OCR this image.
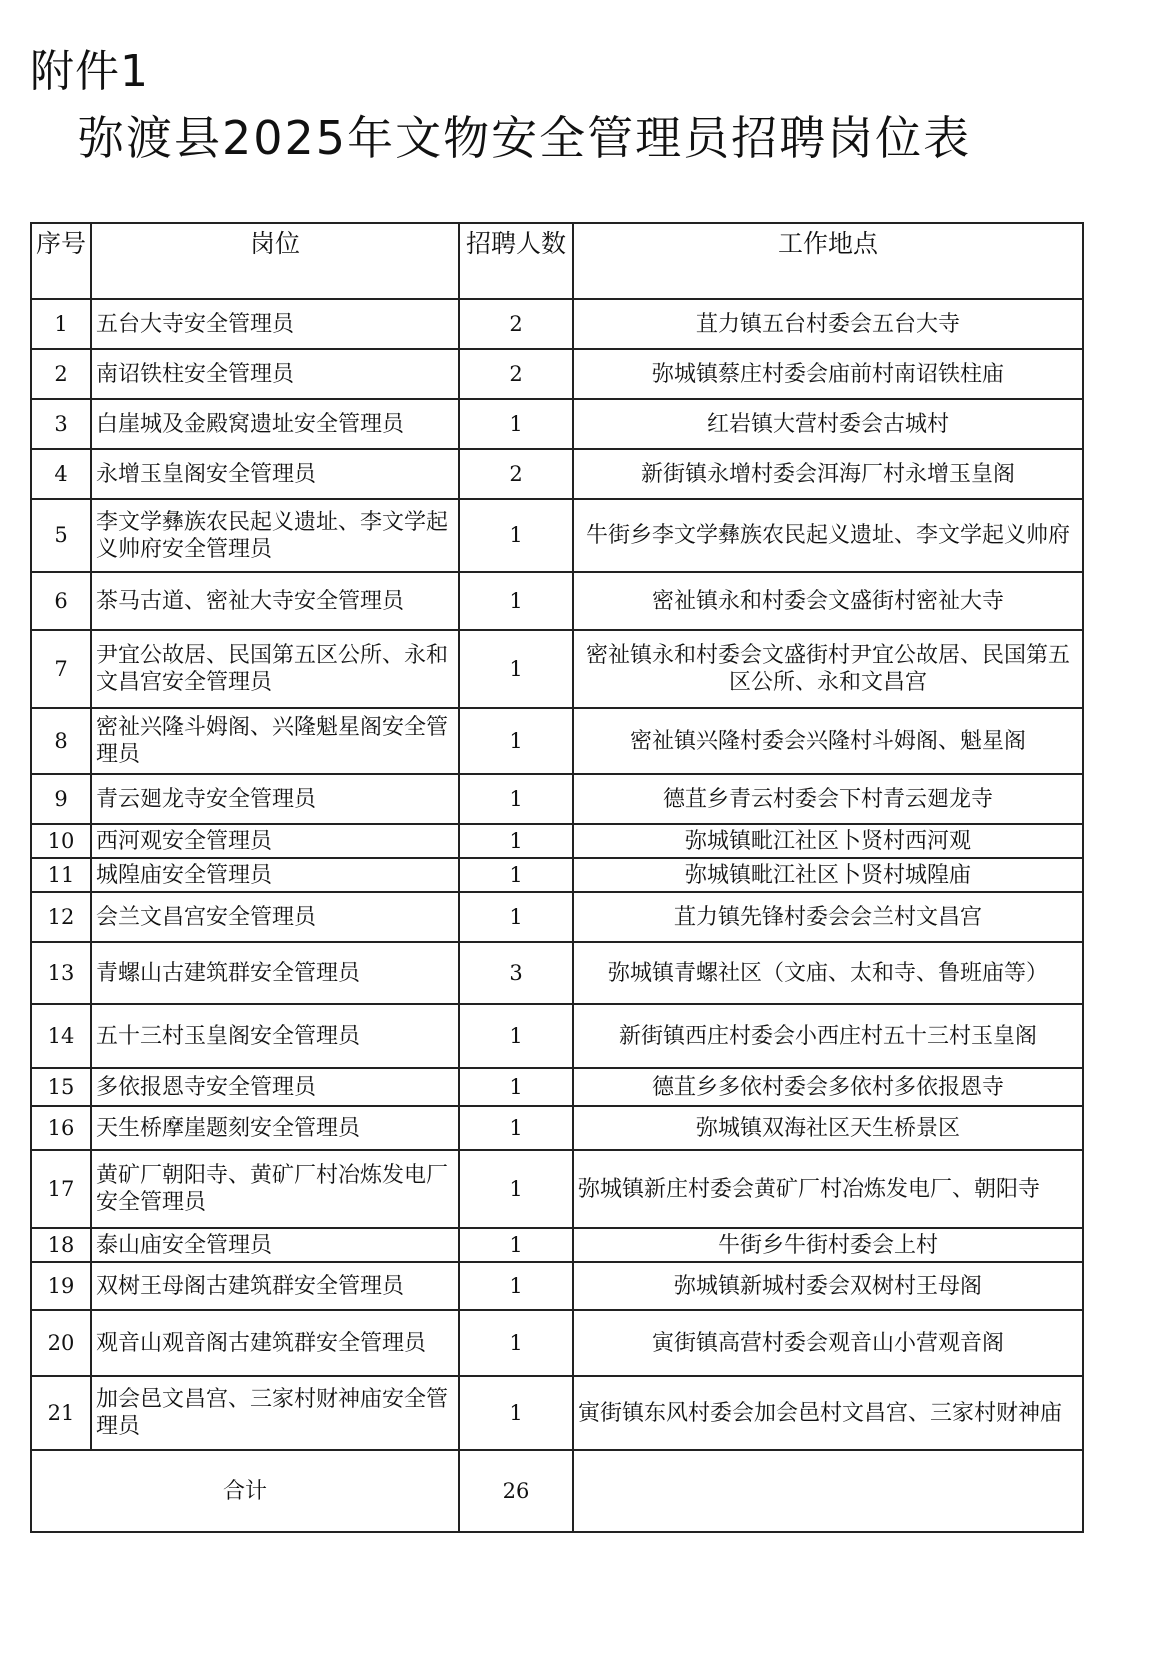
附件1
弥渡县2025年文物安全管理员招聘岗位表
序号	岗位	招聘人数	工作地点
1	五台大寺安全管理员	2	苴力镇五台村委会五台大寺
2	南诏铁柱安全管理员	2	弥城镇蔡庄村委会庙前村南诏铁柱庙
3	白崖城及金殿窝遗址安全管理员	1	红岩镇大营村委会古城村
4	永增玉皇阁安全管理员	2	新街镇永增村委会洱海厂村永增玉皇阁
5	李文学彝族农民起义遗址、李文学起义帅府安全管理员	1	牛街乡李文学彝族农民起义遗址、李文学起义帅府
6	茶马古道、密祉大寺安全管理员	1	密祉镇永和村委会文盛街村密祉大寺
7	尹宜公故居、民国第五区公所、永和文昌宫安全管理员	1	密祉镇永和村委会文盛街村尹宜公故居、民国第五区公所、永和文昌宫
8	密祉兴隆斗姆阁、兴隆魁星阁安全管理员	1	密祉镇兴隆村委会兴隆村斗姆阁、魁星阁
9	青云廻龙寺安全管理员	1	德苴乡青云村委会下村青云廻龙寺
10	西河观安全管理员	1	弥城镇毗江社区卜贤村西河观
11	城隍庙安全管理员	1	弥城镇毗江社区卜贤村城隍庙
12	会兰文昌宫安全管理员	1	苴力镇先锋村委会会兰村文昌宫
13	青螺山古建筑群安全管理员	3	弥城镇青螺社区（文庙、太和寺、鲁班庙等）
14	五十三村玉皇阁安全管理员	1	新街镇西庄村委会小西庄村五十三村玉皇阁
15	多依报恩寺安全管理员	1	德苴乡多依村委会多依村多依报恩寺
16	天生桥摩崖题刻安全管理员	1	弥城镇双海社区天生桥景区
17	黄矿厂朝阳寺、黄矿厂村冶炼发电厂安全管理员	1	弥城镇新庄村委会黄矿厂村冶炼发电厂、朝阳寺
18	泰山庙安全管理员	1	牛街乡牛街村委会上村
19	双树王母阁古建筑群安全管理员	1	弥城镇新城村委会双树村王母阁
20	观音山观音阁古建筑群安全管理员	1	寅街镇高营村委会观音山小营观音阁
21	加会邑文昌宫、三家村财神庙安全管理员	1	寅街镇东风村委会加会邑村文昌宫、三家村财神庙
合计		26	
